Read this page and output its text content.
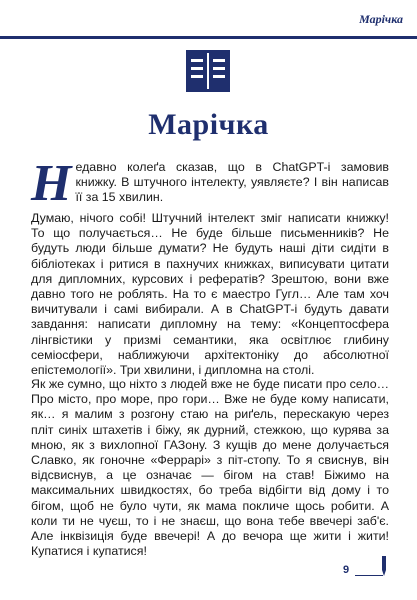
Марічка
Марічка
Недавно колеґа сказав, що в ChatGPT-і замовив книжку. В штучного інтелекту, уявляєте? І він написав її за 15 хвилин.
Думаю, нічого собі! Штучний інтелект зміг написати книжку! То що получається… Не буде більше письменників? Не будуть люди більше думати? Не будуть наші діти сидіти в бібліотеках і ритися в пахнучих книжках, виписувати цитати для дипломних, курсових і рефератів? Зрештою, вони вже давно того не роблять. На то є маестро Гугл… Але там хоч вичитували і самі вибирали. А в ChatGPT-і будуть давати завдання: написати дипломну на тему: «Концептосфера лінгвістики у призмі семантики, яка освітлює глибину семіосфери, наближуючи архітектоніку до абсолютної епістемології». Три хвилини, і дипломна на столі.
Як же сумно, що ніхто з людей вже не буде писати про село… Про місто, про море, про гори… Вже не буде кому написати, як… я малим з розгону стаю на риґель, перескакую через пліт синіх штахетів і біжу, як дурний, стежкою, що курява за мною, як з вихлопної ГАЗону. З кущів до мене долучається Славко, як гоночне «Феррарі» з піт-стопу. То я свиснув, він відсвиснув, а це означає — бігом на став! Біжимо на максимальних швидкостях, бо треба відбігти від дому і то бігом, щоб не було чути, як мама покличе щось робити. А коли ти не чуєш, то і не знаєш, що вона тебе ввечері заб'є. Але інквізиція буде ввечері! А до вечора ще жити і жити! Купатися і купатися!
9
